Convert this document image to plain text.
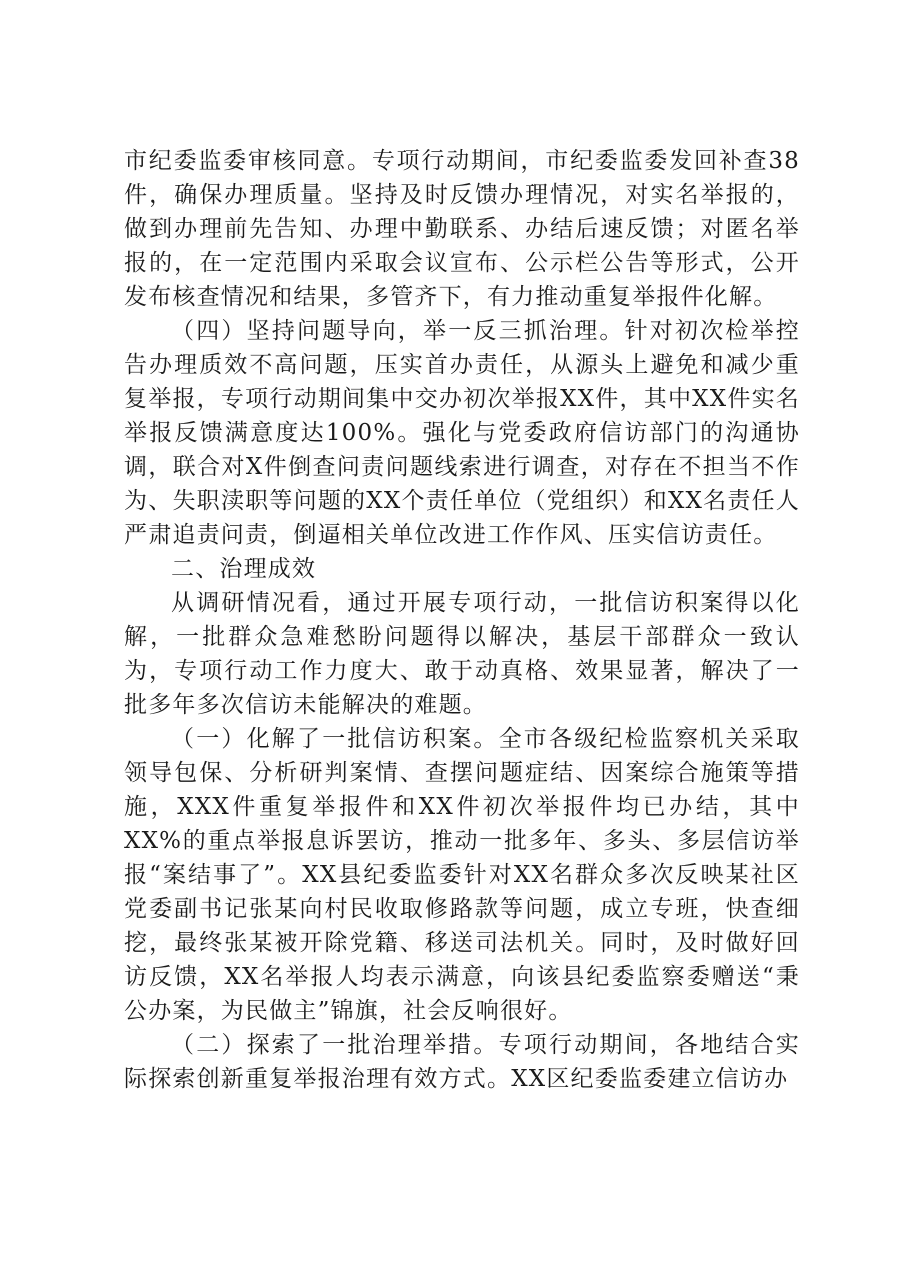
市纪委监委审核同意。专项行动期间，市纪委监委发回补查38件，确保办理质量。坚持及时反馈办理情况，对实名举报的，做到办理前先告知、办理中勤联系、办结后速反馈；对匿名举报的，在一定范围内采取会议宣布、公示栏公告等形式，公开发布核查情况和结果，多管齐下，有力推动重复举报件化解。

（四）坚持问题导向，举一反三抓治理。针对初次检举控告办理质效不高问题，压实首办责任，从源头上避免和减少重复举报，专项行动期间集中交办初次举报XX件，其中XX件实名举报反馈满意度达100%。强化与党委政府信访部门的沟通协调，联合对X件倒查问责问题线索进行调查，对存在不担当不作为、失职渎职等问题的XX个责任单位（党组织）和XX名责任人严肃追责问责，倒逼相关单位改进工作作风、压实信访责任。

二、治理成效

从调研情况看，通过开展专项行动，一批信访积案得以化解，一批群众急难愁盼问题得以解决，基层干部群众一致认为，专项行动工作力度大、敢于动真格、效果显著，解决了一批多年多次信访未能解决的难题。

（一）化解了一批信访积案。全市各级纪检监察机关采取领导包保、分析研判案情、查摆问题症结、因案综合施策等措施，XXX件重复举报件和XX件初次举报件均已办结，其中XX%的重点举报息诉罢访，推动一批多年、多头、多层信访举报“案结事了”。XX县纪委监委针对XX名群众多次反映某社区党委副书记张某向村民收取修路款等问题，成立专班，快查细挖，最终张某被开除党籍、移送司法机关。同时，及时做好回访反馈，XX名举报人均表示满意，向该县纪委监察委赠送“秉公办案，为民做主”锦旗，社会反响很好。

（二）探索了一批治理举措。专项行动期间，各地结合实际探索创新重复举报治理有效方式。XX区纪委监委建立信访办
